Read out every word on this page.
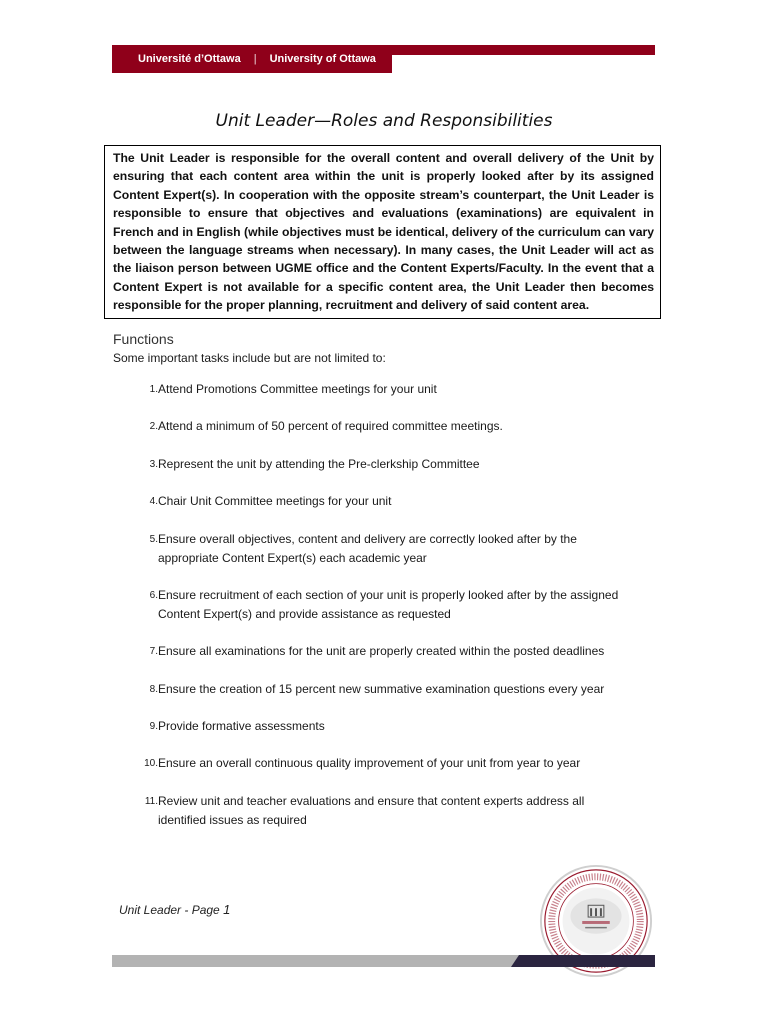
Université d’Ottawa | University of Ottawa
Unit Leader—Roles and Responsibilities

The Unit Leader is responsible for the overall content and overall delivery of the Unit by ensuring that each content area within the unit is properly looked after by its assigned Content Expert(s). In cooperation with the opposite stream’s counterpart, the Unit Leader is responsible to ensure that objectives and evaluations (examinations) are equivalent in French and in English (while objectives must be identical, delivery of the curriculum can vary between the language streams when necessary). In many cases, the Unit Leader will act as the liaison person between UGME office and the Content Experts/Faculty. In the event that a Content Expert is not available for a specific content area, the Unit Leader then becomes responsible for the proper planning, recruitment and delivery of said content area.

Functions
Some important tasks include but are not limited to:
1. Attend Promotions Committee meetings for your unit
2. Attend a minimum of 50 percent of required committee meetings.
3. Represent the unit by attending the Pre-clerkship Committee
4. Chair Unit Committee meetings for your unit
5. Ensure overall objectives, content and delivery are correctly looked after by the
appropriate Content Expert(s) each academic year
6. Ensure recruitment of each section of your unit is properly looked after by the assigned
Content Expert(s) and provide assistance as requested
7. Ensure all examinations for the unit are properly created within the posted deadlines
8. Ensure the creation of 15 percent new summative examination questions every year
9. Provide formative assessments
10. Ensure an overall continuous quality improvement of your unit from year to year
11. Review unit and teacher evaluations and ensure that content experts address all
identified issues as required
Unit Leader - Page 1
